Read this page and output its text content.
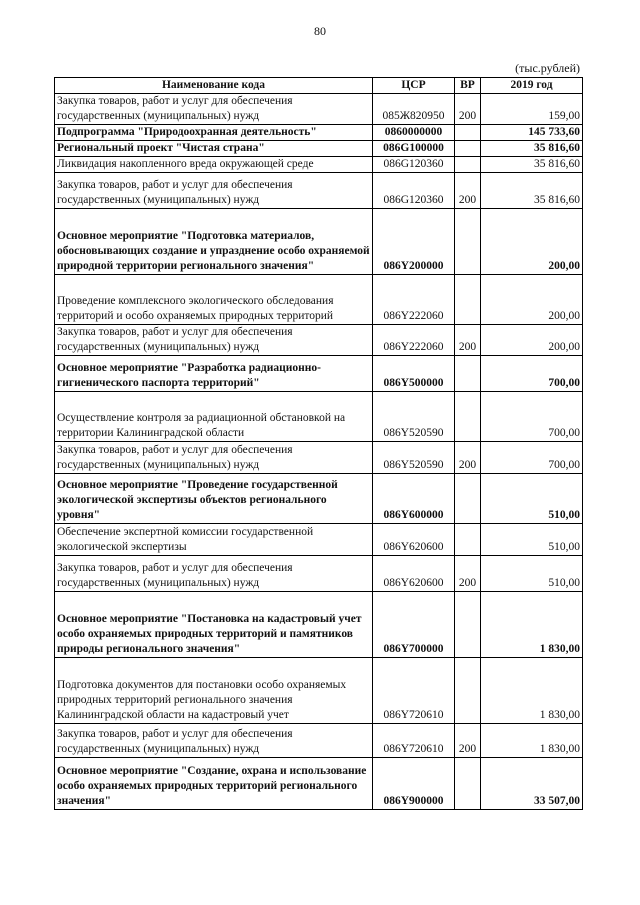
80
(тыс.рублей)
Наименование кода	ЦСР	ВР	2019 год
Закупка товаров, работ и услуг для обеспечения государственных (муниципальных) нужд	085Ж820950	200	159,00
Подпрограмма "Природоохранная деятельность"	0860000000		145 733,60
Региональный проект "Чистая страна"	086G100000		35 816,60
Ликвидация накопленного вреда окружающей среде	086G120360		35 816,60
Закупка товаров, работ и услуг для обеспечения государственных (муниципальных) нужд	086G120360	200	35 816,60
Основное мероприятие "Подготовка материалов, обосновывающих создание и упразднение особо охраняемой природной территории регионального значения"	086Y200000		200,00
Проведение комплексного экологического обследования территорий и особо охраняемых природных территорий	086Y222060		200,00
Закупка товаров, работ и услуг для обеспечения государственных (муниципальных) нужд	086Y222060	200	200,00
Основное мероприятие "Разработка радиационно-гигиенического паспорта территорий"	086Y500000		700,00
Осуществление контроля за радиационной обстановкой на территории Калининградской области	086Y520590		700,00
Закупка товаров, работ и услуг для обеспечения государственных (муниципальных) нужд	086Y520590	200	700,00
Основное мероприятие "Проведение государственной экологической экспертизы объектов регионального уровня"	086Y600000		510,00
Обеспечение экспертной комиссии государственной экологической экспертизы	086Y620600		510,00
Закупка товаров, работ и услуг для обеспечения государственных (муниципальных) нужд	086Y620600	200	510,00
Основное мероприятие "Постановка на кадастровый учет особо охраняемых природных территорий и памятников природы регионального значения"	086Y700000		1 830,00
Подготовка документов для постановки особо охраняемых природных территорий регионального значения Калининградской области на кадастровый учет	086Y720610		1 830,00
Закупка товаров, работ и услуг для обеспечения государственных (муниципальных) нужд	086Y720610	200	1 830,00
Основное мероприятие "Создание, охрана и использование особо охраняемых природных территорий регионального значения"	086Y900000		33 507,00
